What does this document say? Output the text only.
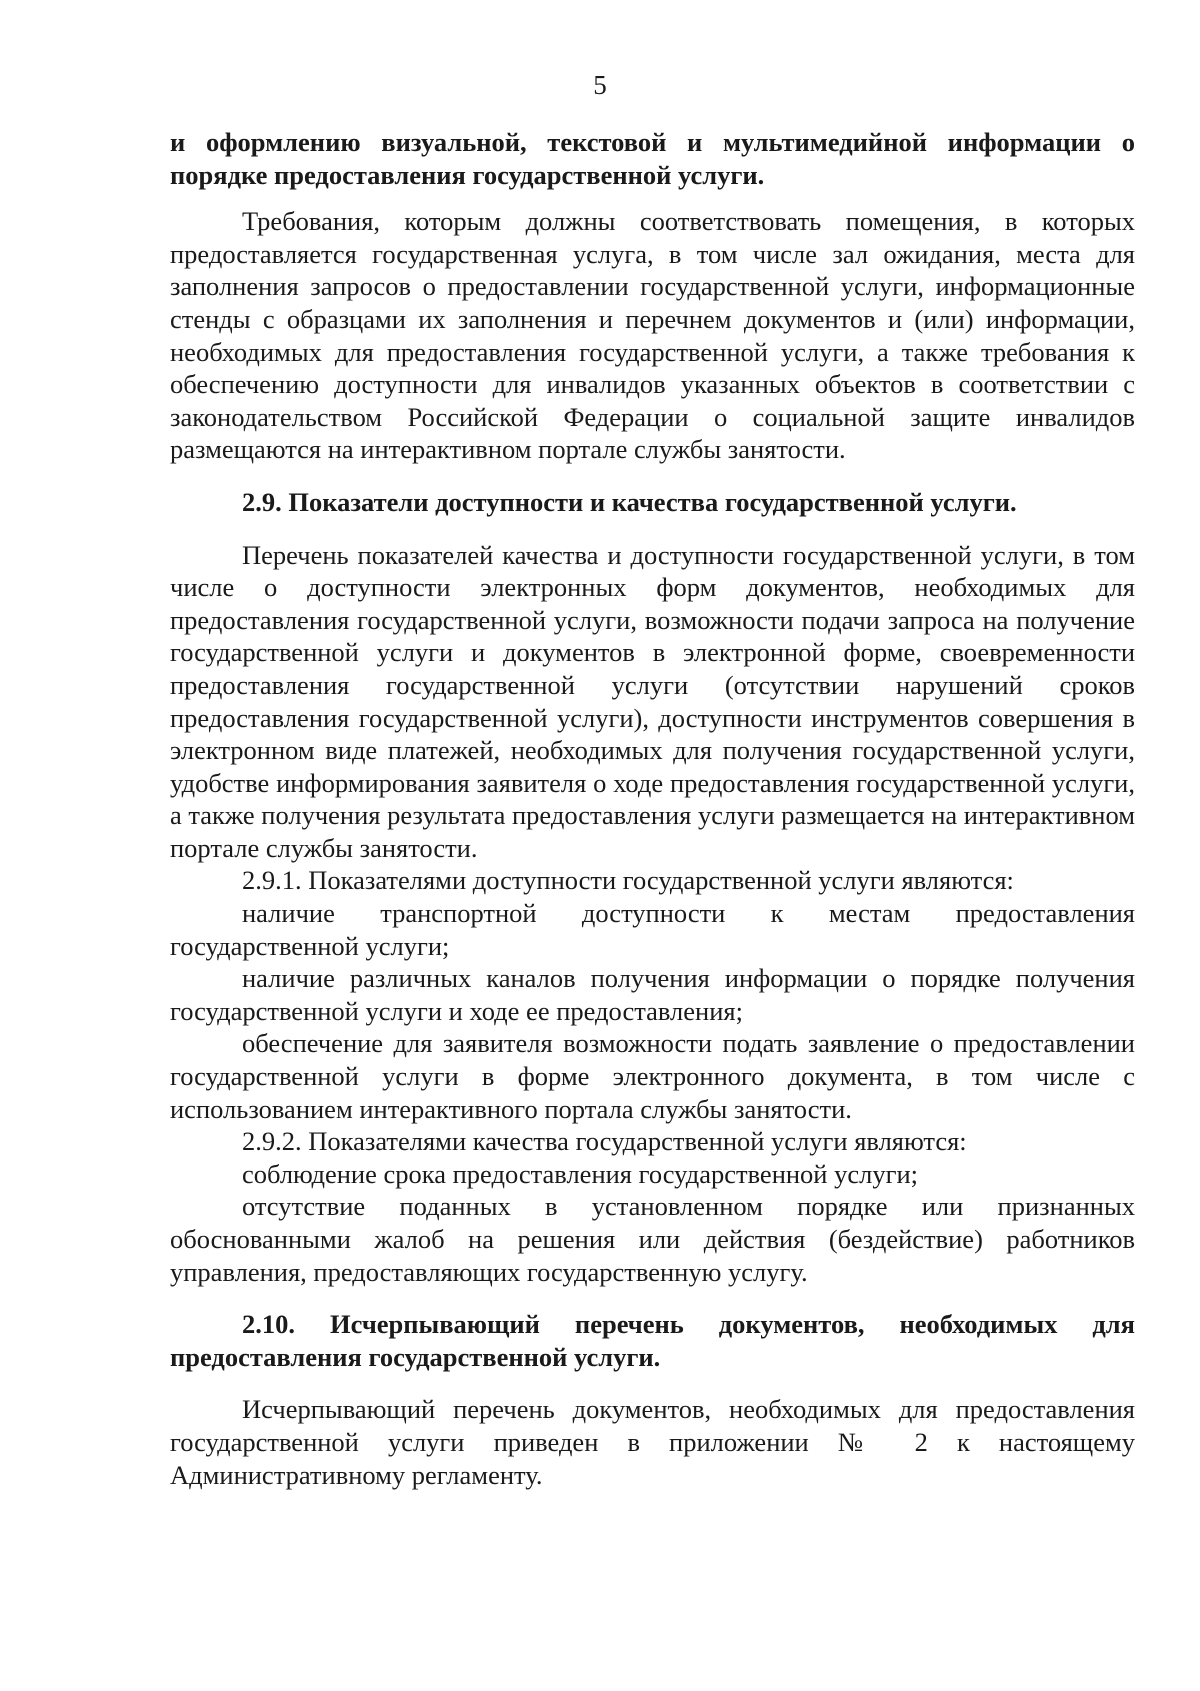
5

и оформлению визуальной, текстовой и мультимедийной информации о порядке предоставления государственной услуги.

Требования, которым должны соответствовать помещения, в которых предоставляется государственная услуга, в том числе зал ожидания, места для заполнения запросов о предоставлении государственной услуги, информационные стенды с образцами их заполнения и перечнем документов и (или) информации, необходимых для предоставления государственной услуги, а также требования к обеспечению доступности для инвалидов указанных объектов в соответствии с законодательством Российской Федерации о социальной защите инвалидов размещаются на интерактивном портале службы занятости.

2.9. Показатели доступности и качества государственной услуги.

Перечень показателей качества и доступности государственной услуги, в том числе о доступности электронных форм документов, необходимых для предоставления государственной услуги, возможности подачи запроса на получение государственной услуги и документов в электронной форме, своевременности предоставления государственной услуги (отсутствии нарушений сроков предоставления государственной услуги), доступности инструментов совершения в электронном виде платежей, необходимых для получения государственной услуги, удобстве информирования заявителя о ходе предоставления государственной услуги, а также получения результата предоставления услуги размещается на интерактивном портале службы занятости.

2.9.1. Показателями доступности государственной услуги являются:

наличие транспортной доступности к местам предоставления государственной услуги;

наличие различных каналов получения информации о порядке получения государственной услуги и ходе ее предоставления;

обеспечение для заявителя возможности подать заявление о предоставлении государственной услуги в форме электронного документа, в том числе с использованием интерактивного портала службы занятости.

2.9.2. Показателями качества государственной услуги являются:

соблюдение срока предоставления государственной услуги;

отсутствие поданных в установленном порядке или признанных обоснованными жалоб на решения или действия (бездействие) работников управления, предоставляющих государственную услугу.

2.10. Исчерпывающий перечень документов, необходимых для предоставления государственной услуги.

Исчерпывающий перечень документов, необходимых для предоставления государственной услуги приведен в приложении № 2 к настоящему Административному регламенту.
